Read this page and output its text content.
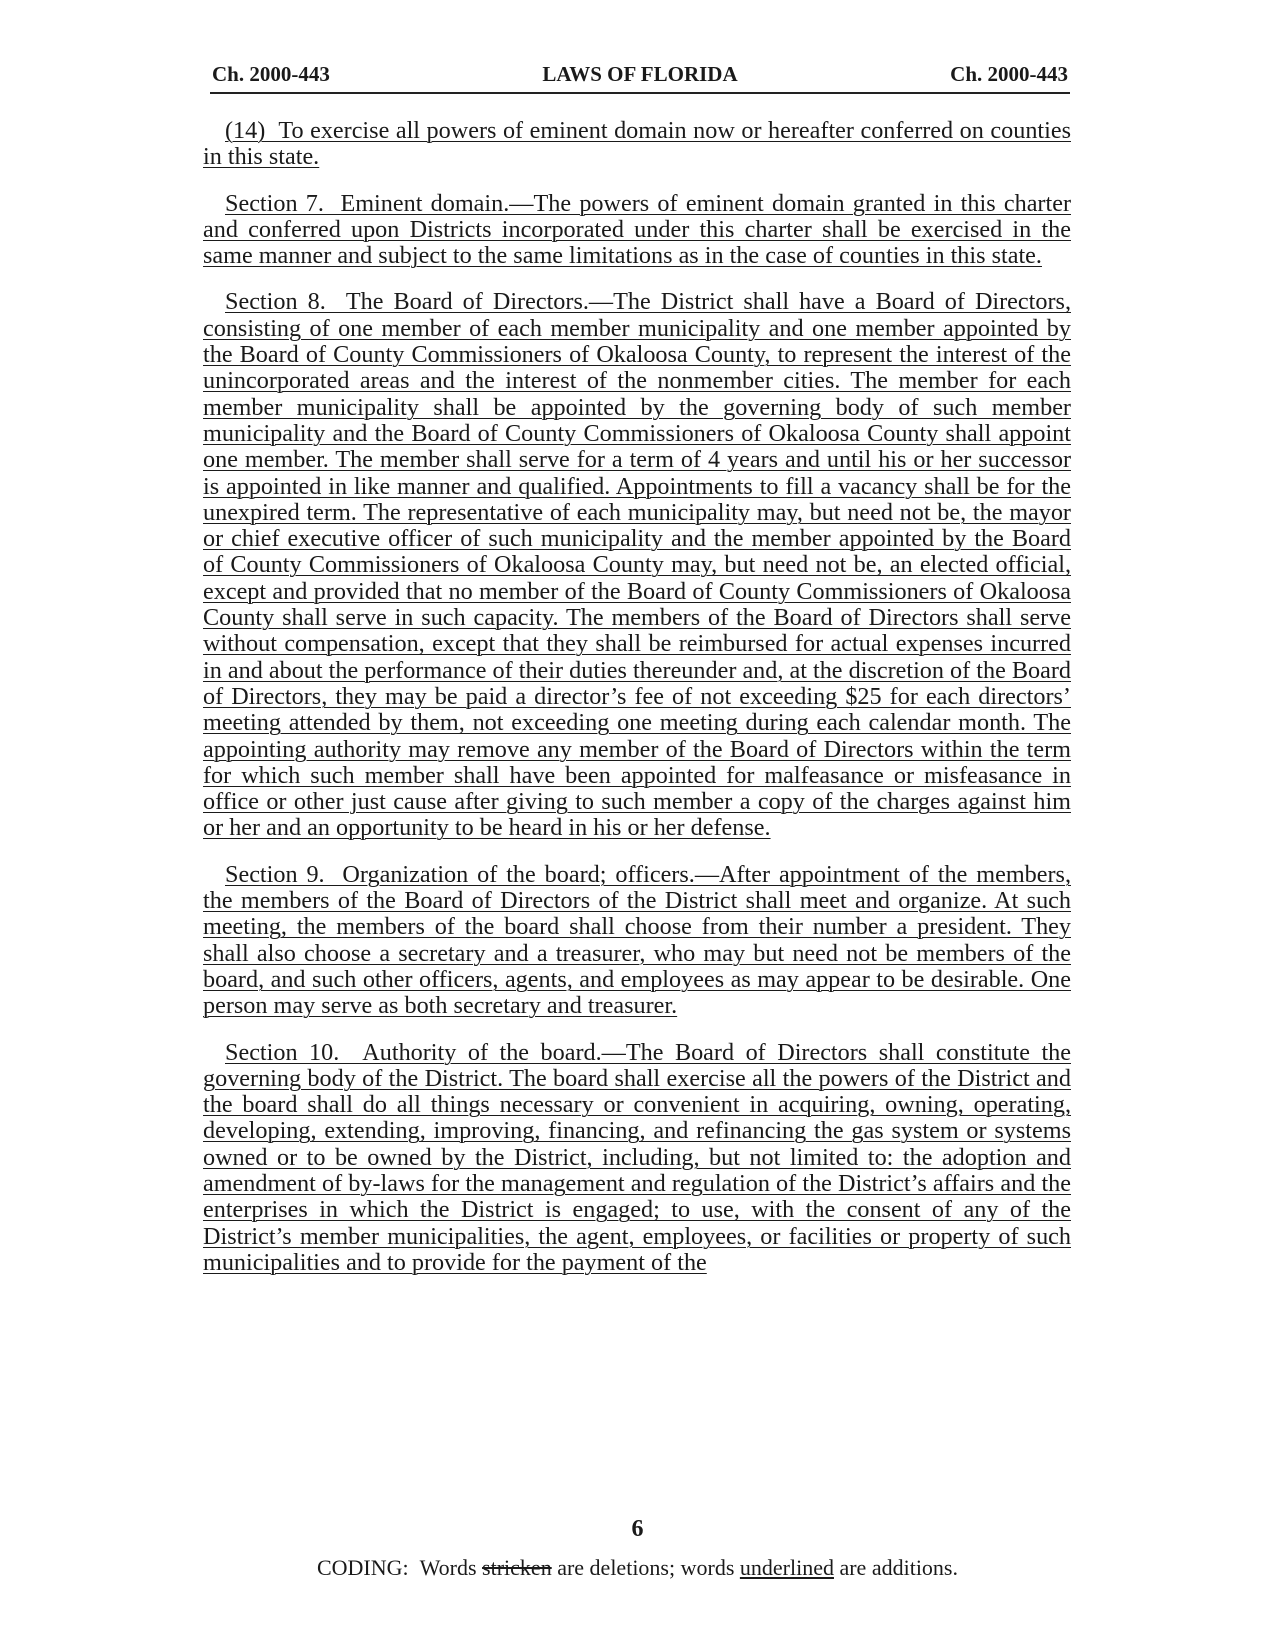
Ch. 2000-443	LAWS OF FLORIDA	Ch. 2000-443

(14)  To exercise all powers of eminent domain now or hereafter conferred on counties in this state.

Section 7.  Eminent domain.—The powers of eminent domain granted in this charter and conferred upon Districts incorporated under this charter shall be exercised in the same manner and subject to the same limitations as in the case of counties in this state.

Section 8.  The Board of Directors.—The District shall have a Board of Directors, consisting of one member of each member municipality and one member appointed by the Board of County Commissioners of Okaloosa County, to represent the interest of the unincorporated areas and the interest of the nonmember cities. The member for each member municipality shall be appointed by the governing body of such member municipality and the Board of County Commissioners of Okaloosa County shall appoint one member. The member shall serve for a term of 4 years and until his or her successor is appointed in like manner and qualified. Appointments to fill a vacancy shall be for the unexpired term. The representative of each municipality may, but need not be, the mayor or chief executive officer of such municipality and the member appointed by the Board of County Commissioners of Okaloosa County may, but need not be, an elected official, except and provided that no member of the Board of County Commissioners of Okaloosa County shall serve in such capacity. The members of the Board of Directors shall serve without compensation, except that they shall be reimbursed for actual expenses incurred in and about the performance of their duties thereunder and, at the discretion of the Board of Directors, they may be paid a director’s fee of not exceeding $25 for each directors’ meeting attended by them, not exceeding one meeting during each calendar month. The appointing authority may remove any member of the Board of Directors within the term for which such member shall have been appointed for malfeasance or misfeasance in office or other just cause after giving to such member a copy of the charges against him or her and an opportunity to be heard in his or her defense.

Section 9.  Organization of the board; officers.—After appointment of the members, the members of the Board of Directors of the District shall meet and organize. At such meeting, the members of the board shall choose from their number a president. They shall also choose a secretary and a treasurer, who may but need not be members of the board, and such other officers, agents, and employees as may appear to be desirable. One person may serve as both secretary and treasurer.

Section 10.  Authority of the board.—The Board of Directors shall constitute the governing body of the District. The board shall exercise all the powers of the District and the board shall do all things necessary or convenient in acquiring, owning, operating, developing, extending, improving, financing, and refinancing the gas system or systems owned or to be owned by the District, including, but not limited to: the adoption and amendment of by-laws for the management and regulation of the District’s affairs and the enterprises in which the District is engaged; to use, with the consent of any of the District’s member municipalities, the agent, employees, or facilities or property of such municipalities and to provide for the payment of the

6
CODING:  Words stricken are deletions; words underlined are additions.
